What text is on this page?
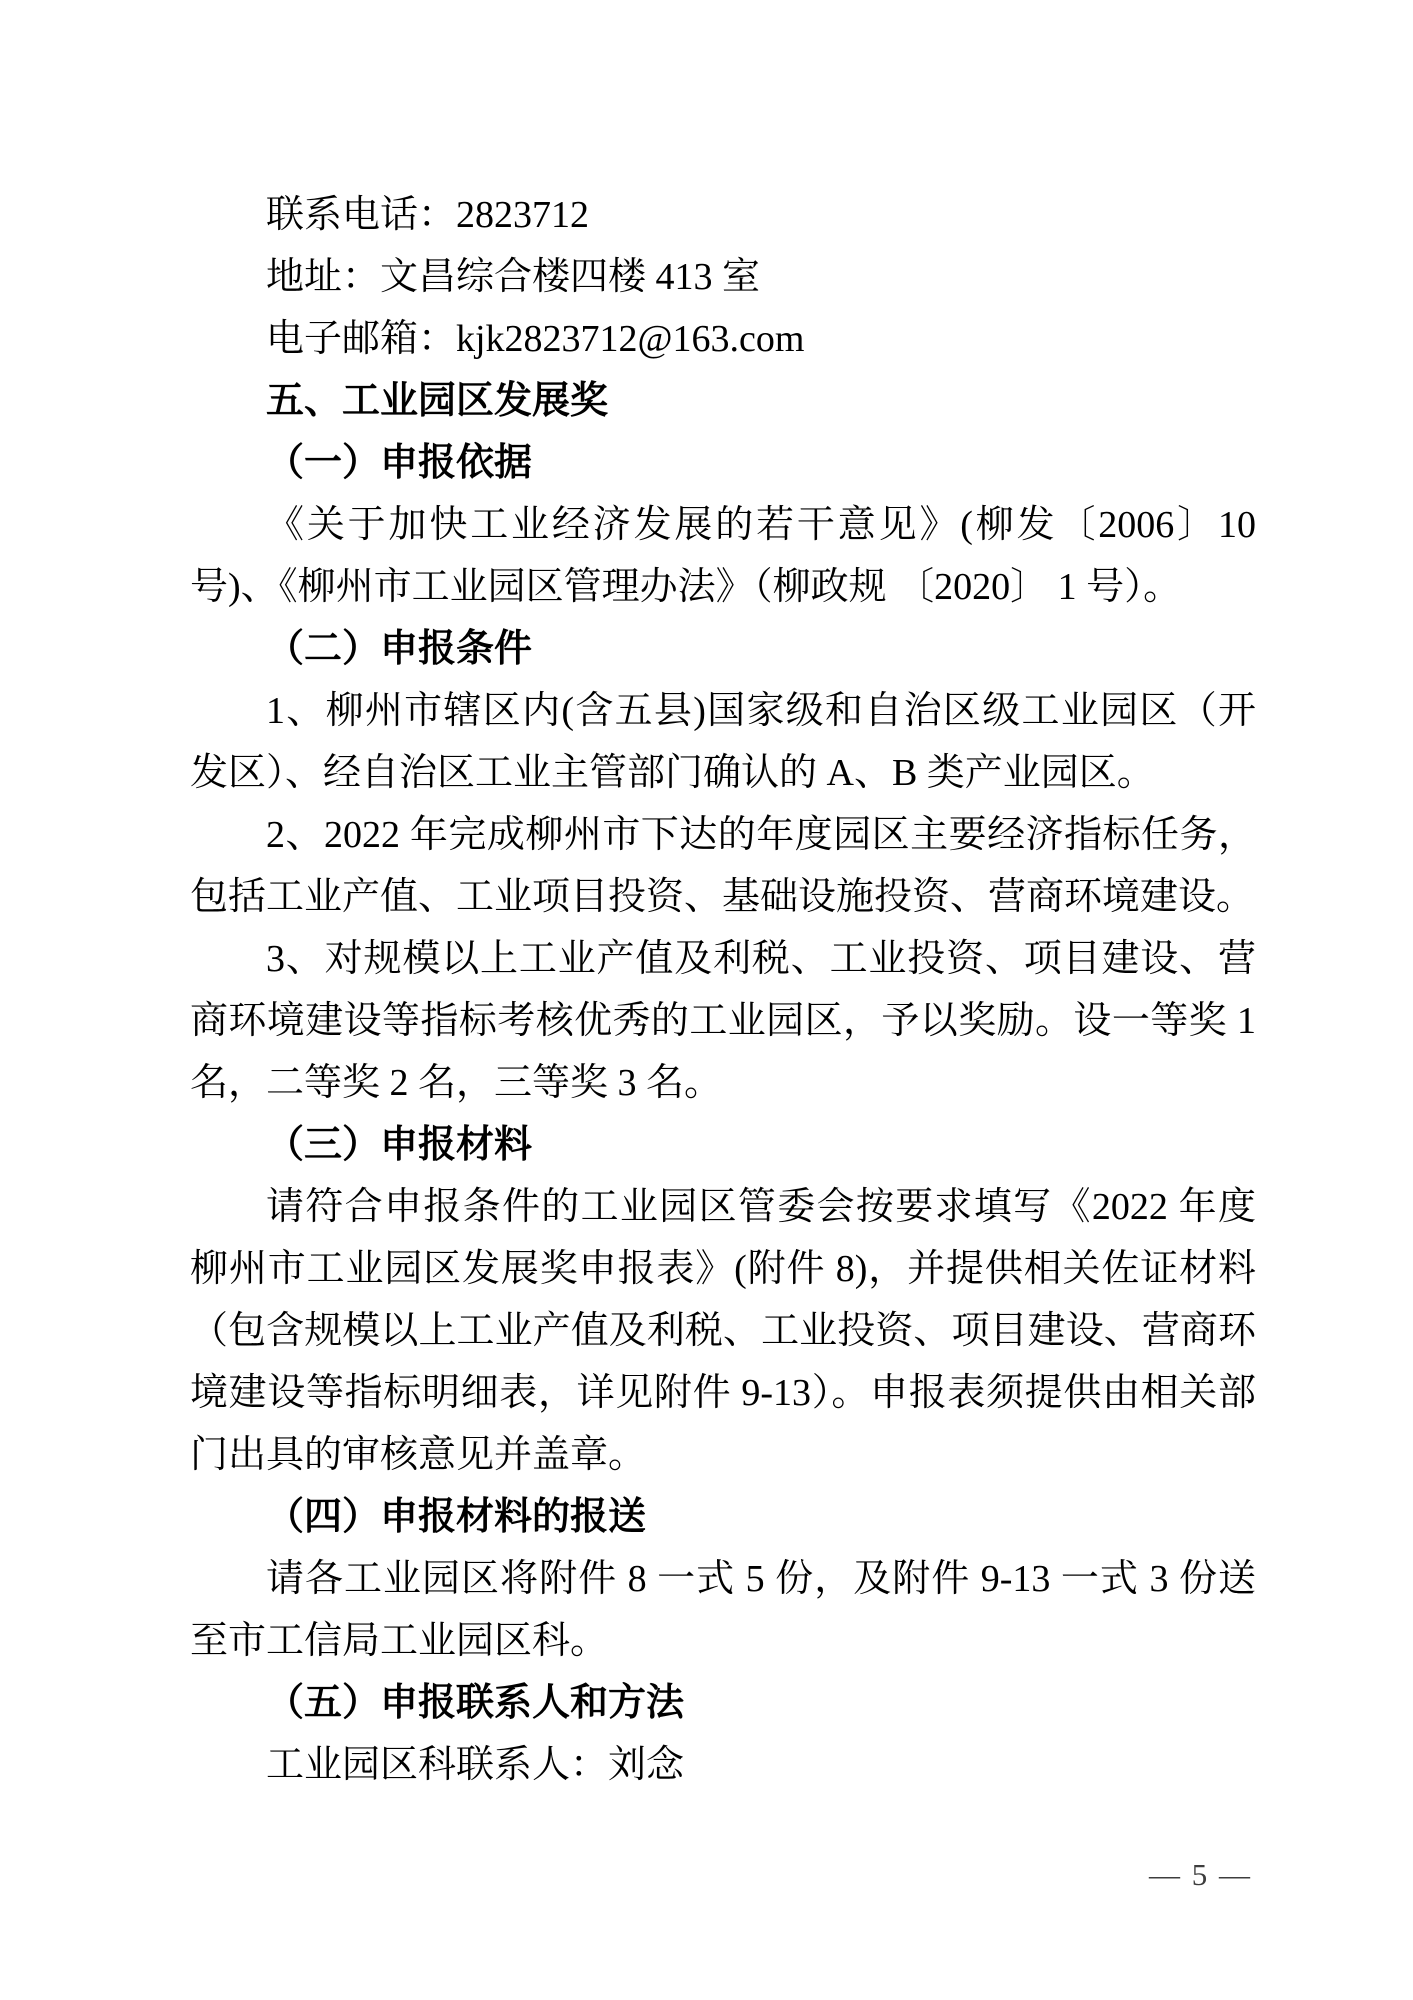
联系电话：2823712

地址：文昌综合楼四楼 413 室

电子邮箱：kjk2823712@163.com

五、工业园区发展奖

（一）申报依据

《关于加快工业经济发展的若干意见》(柳发〔2006〕10 号)、《柳州市工业园区管理办法》（柳政规 〔2020〕 1 号）。

（二）申报条件

1、柳州市辖区内(含五县)国家级和自治区级工业园区（开发区）、经自治区工业主管部门确认的 A、B 类产业园区。

2、2022 年完成柳州市下达的年度园区主要经济指标任务，包括工业产值、工业项目投资、基础设施投资、营商环境建设。

3、对规模以上工业产值及利税、工业投资、项目建设、营商环境建设等指标考核优秀的工业园区，予以奖励。设一等奖 1 名，二等奖 2 名，三等奖 3 名。

（三）申报材料

请符合申报条件的工业园区管委会按要求填写《2022 年度柳州市工业园区发展奖申报表》(附件 8)，并提供相关佐证材料（包含规模以上工业产值及利税、工业投资、项目建设、营商环境建设等指标明细表，详见附件 9-13）。申报表须提供由相关部门出具的审核意见并盖章。

（四）申报材料的报送

请各工业园区将附件 8 一式 5 份，及附件 9-13 一式 3 份送至市工信局工业园区科。

（五）申报联系人和方法

工业园区科联系人：刘念

— 5 —
